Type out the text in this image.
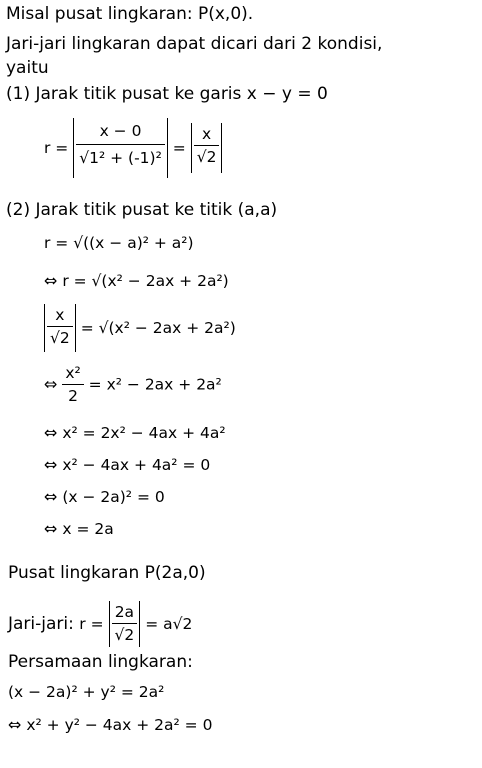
Misal pusat lingkaran: P(x,0).
Jari-jari lingkaran dapat dicari dari 2 kondisi,
yaitu
(1) Jarak titik pusat ke garis x − y = 0
$r = \frac{x - 0}{\text{√1² + (-1)²}} = \frac{x}{√2}$
(2) Jarak titik pusat ke titik (a,a)
r = √((x − a)² + a²)
⇔ r = √(x² − 2ax + 2a²)
$\frac{x}{√2} = √(x^2 - 2ax + 2a^2)$
⇔ $\frac{\text{x²}}{2} = x^2 - 2ax + 2a^2$
⇔ x² = 2x² − 4ax + 4a²
⇔ x² − 4ax + 4a² = 0
⇔ (x − 2a)² = 0
⇔ x = 2a
Pusat lingkaran P(2a,0)
Jari-jari: $r = \frac{2a}{√2} = a√2$
Persamaan lingkaran:
(x − 2a)² + y² = 2a²
⇔ x² + y² − 4ax + 2a² = 0
